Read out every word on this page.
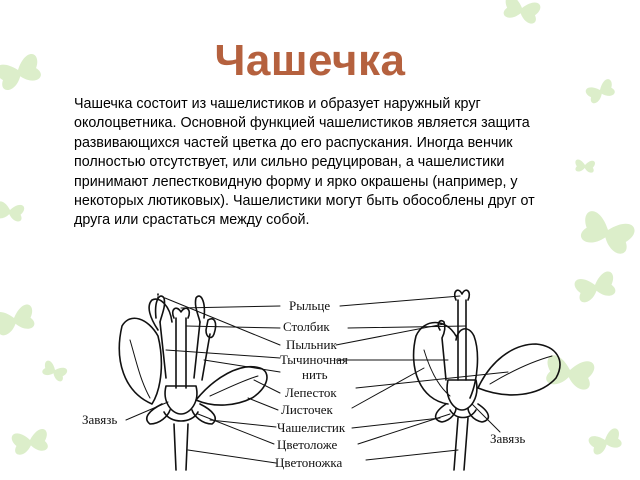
Чашечка

Чашечка состоит из чашелистиков и образует наружный круг околоцветника. Основной функцией чашелистиков является защита развивающихся частей цветка до его распускания. Иногда венчик полностью отсутствует, или сильно редуцирован, а чашелистики принимают лепестковидную форму и ярко окрашены (например, у некоторых лютиковых). Чашелистики могут быть обособлены друг от друга или срастаться между собой.

Рыльце
Столбик
Пыльник
Тычиночная
нить
Лепесток
Листочек
Чашелистик
Цветоложе
Цветоножка
Завязь
Завязь
